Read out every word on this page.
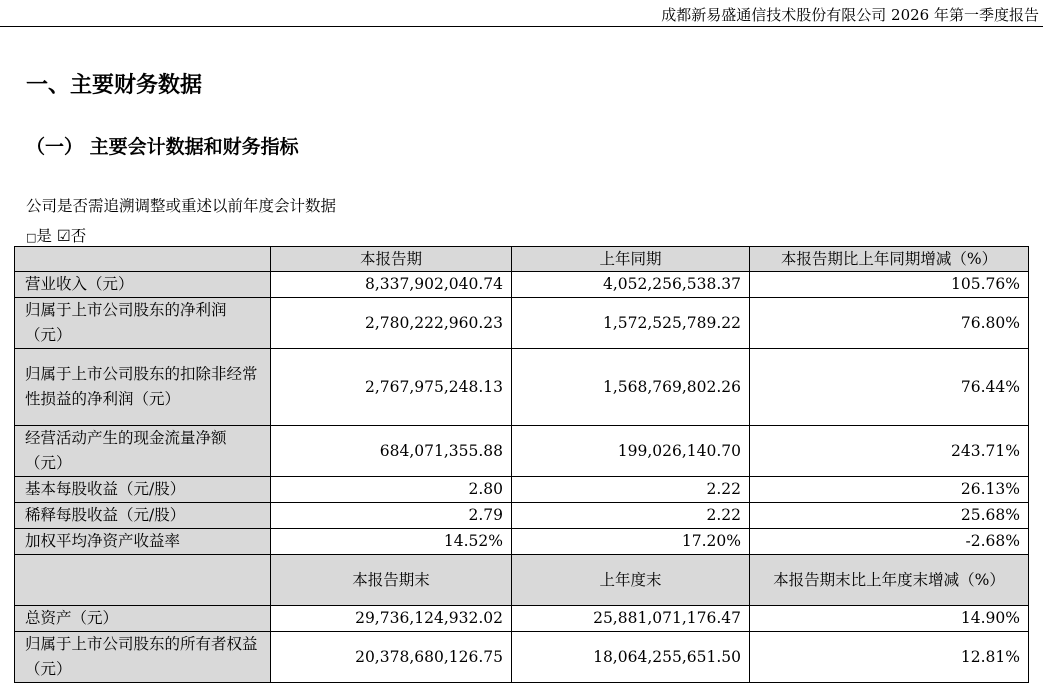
成都新易盛通信技术股份有限公司 2026 年第一季度报告
一、主要财务数据
（一） 主要会计数据和财务指标
公司是否需追溯调整或重述以前年度会计数据
□是 ☑否
	本报告期	上年同期	本报告期比上年同期增减（%）
营业收入（元）	8,337,902,040.74	4,052,256,538.37	105.76%
归属于上市公司股东的净利润（元）	2,780,222,960.23	1,572,525,789.22	76.80%
归属于上市公司股东的扣除非经常性损益的净利润（元）	2,767,975,248.13	1,568,769,802.26	76.44%
经营活动产生的现金流量净额（元）	684,071,355.88	199,026,140.70	243.71%
基本每股收益（元/股）	2.80	2.22	26.13%
稀释每股收益（元/股）	2.79	2.22	25.68%
加权平均净资产收益率	14.52%	17.20%	-2.68%
	本报告期末	上年度末	本报告期末比上年度末增减（%）
总资产（元）	29,736,124,932.02	25,881,071,176.47	14.90%
归属于上市公司股东的所有者权益（元）	20,378,680,126.75	18,064,255,651.50	12.81%
